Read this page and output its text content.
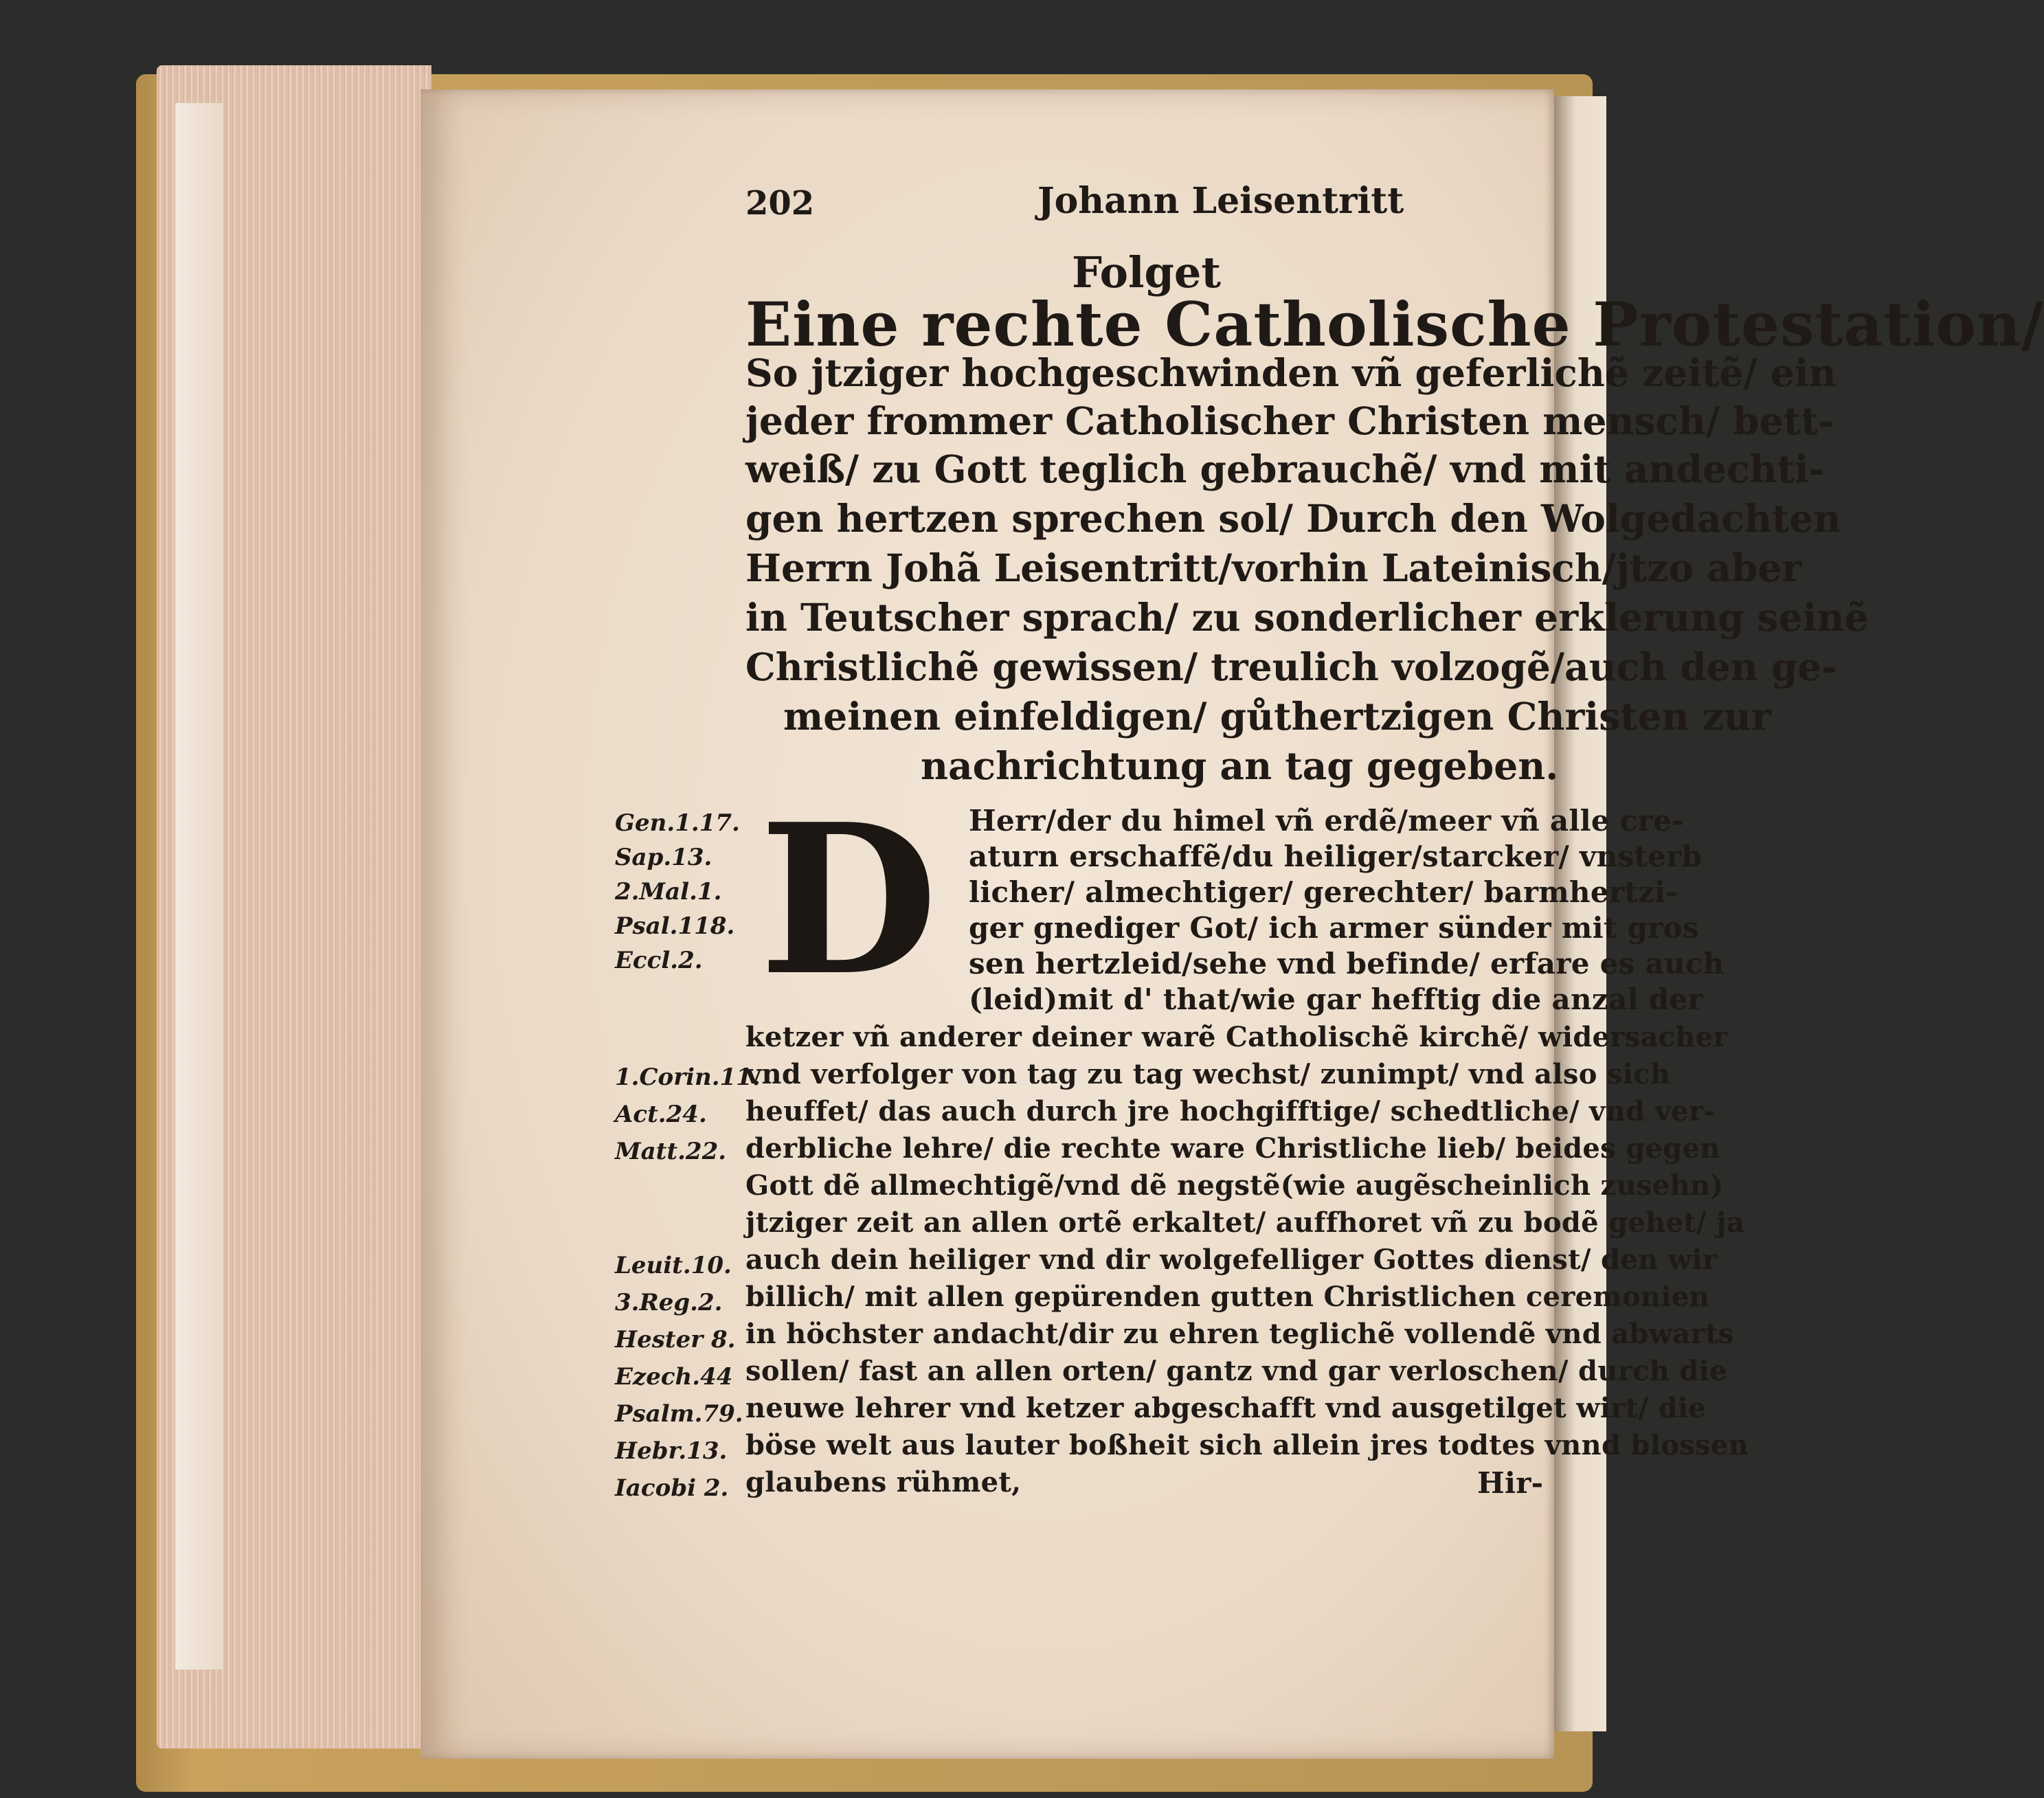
202	Johann Leisentritt
Folget
Eine rechte Catholische Protestation/
So jtziger hochgeschwinden vñ geferlichẽ zeitẽ/ ein
jeder frommer Catholischer Christen mensch/ bett-
weiß/ zu Gott teglich gebrauchẽ/ vnd mit andechti-
gen hertzen sprechen sol/ Durch den Wolgedachten
Herrn Johã Leisentritt/vorhin Lateinisch/jtzo aber
in Teutscher sprach/ zu sonderlicher erklerung seinẽ
Christlichẽ gewissen/ treulich volzogẽ/auch den ge-
meinen einfeldigen/ gůthertzigen Christen zur
nachrichtung an tag gegeben.
D Herr/der du himel vñ erdẽ/meer vñ alle cre-
aturn erschaffẽ/du heiliger/starcker/ vnsterb
licher/ almechtiger/ gerechter/ barmhertzi-
ger gnediger Got/ ich armer sünder mit gros
sen hertzleid/sehe vnd befinde/ erfare es auch
(leid)mit d' that/wie gar hefftig die anzal der
ketzer vñ anderer deiner warẽ Catholischẽ kirchẽ/ widersacher
vnd verfolger von tag zu tag wechst/ zunimpt/ vnd also sich
heuffet/ das auch durch jre hochgifftige/ schedtliche/ vnd ver-
derbliche lehre/ die rechte ware Christliche lieb/ beides gegen
Gott dẽ allmechtigẽ/vnd dẽ negstẽ(wie augẽscheinlich zusehn)
jtziger zeit an allen ortẽ erkaltet/ auffhoret vñ zu bodẽ gehet/ ja
auch dein heiliger vnd dir wolgefelliger Gottes dienst/ den wir
billich/ mit allen gepürenden gutten Christlichen ceremonien
in höchster andacht/dir zu ehren teglichẽ vollendẽ vnd abwarts
sollen/ fast an allen orten/ gantz vnd gar verloschen/ durch die
neuwe lehrer vnd ketzer abgeschafft vnd ausgetilget wirt/ die
böse welt aus lauter boßheit sich allein jres todtes vnnd blossen
glaubens rühmet,	Hir-
Gen.1.17.
Sap.13.
2.Mal.1.
Psal.118.
Eccl.2.
1.Corin.11.
Act.24.
Matt.22.
Leuit.10.
3.Reg.2.
Hester 8.
Ezech.44
Psalm.79.
Hebr.13.
Iacobi 2.
